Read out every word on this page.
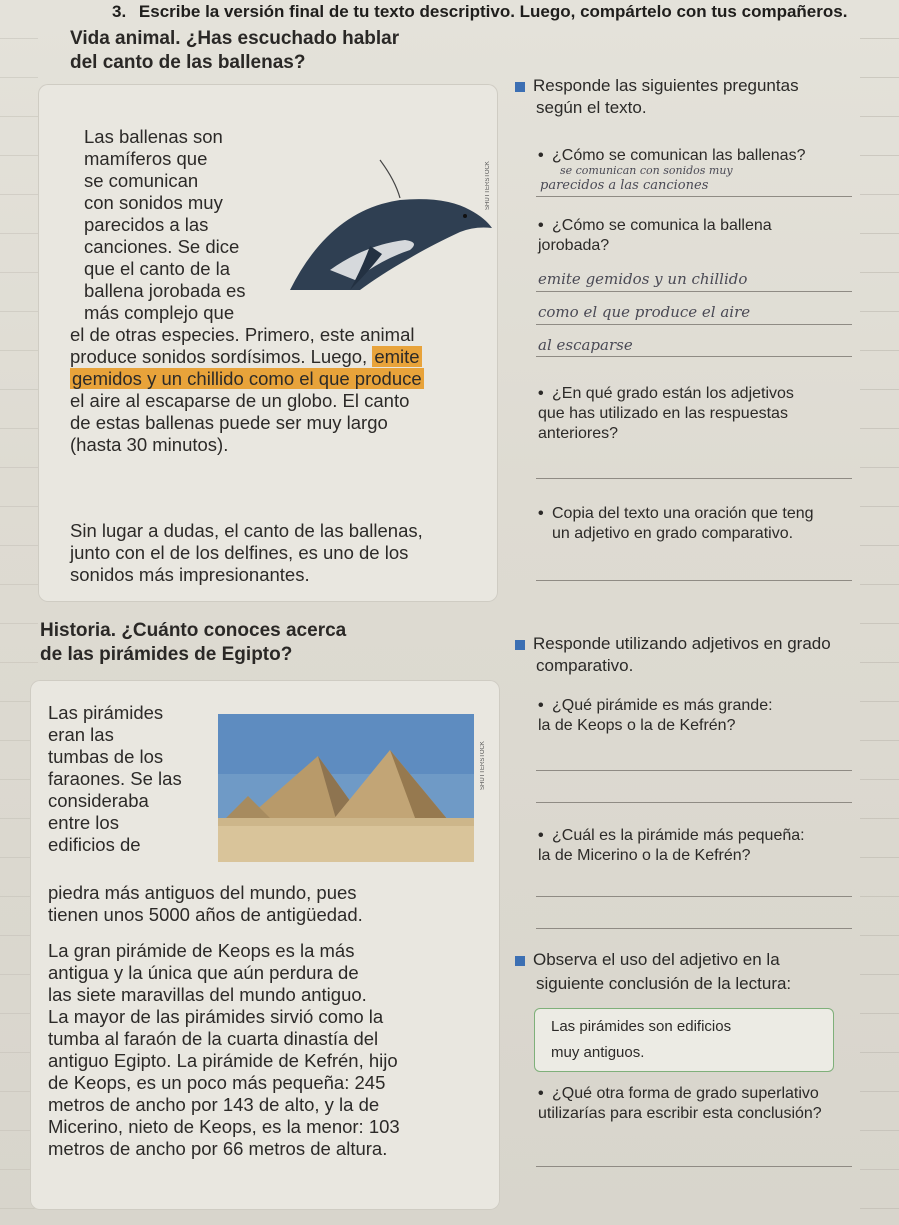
3. Escribe la versión final de tu texto descriptivo. Luego, compártelo con tus compañeros.
Vida animal. ¿Has escuchado hablar
del canto de las ballenas?
SHUTTERSTOCK
Las ballenas son
mamíferos que
se comunican
con sonidos muy
parecidos a las
canciones. Se dice
que el canto de la
ballena jorobada es
más complejo que
el de otras especies. Primero, este animal
produce sonidos sordísimos. Luego, emite
gemidos y un chillido como el que produce
el aire al escaparse de un globo. El canto
de estas ballenas puede ser muy largo
(hasta 30 minutos).
Sin lugar a dudas, el canto de las ballenas,
junto con el de los delfines, es uno de los
sonidos más impresionantes.
Responde las siguientes preguntas
según el texto.
• ¿Cómo se comunican las ballenas?
se comunican con sonidos muy
parecidos a las canciones
• ¿Cómo se comunica la ballena
jorobada?
emite gemidos y un chillido
como el que produce el aire
al escaparse
• ¿En qué grado están los adjetivos
que has utilizado en las respuestas
anteriores?
• Copia del texto una oración que teng
un adjetivo en grado comparativo.
Historia. ¿Cuánto conoces acerca
de las pirámides de Egipto?
SHUTTERSTOCK
Las pirámides
eran las
tumbas de los
faraones. Se las
consideraba
entre los
edificios de
piedra más antiguos del mundo, pues
tienen unos 5000 años de antigüedad.
La gran pirámide de Keops es la más
antigua y la única que aún perdura de
las siete maravillas del mundo antiguo.
La mayor de las pirámides sirvió como la
tumba al faraón de la cuarta dinastía del
antiguo Egipto. La pirámide de Kefrén, hijo
de Keops, es un poco más pequeña: 245
metros de ancho por 143 de alto, y la de
Micerino, nieto de Keops, es la menor: 103
metros de ancho por 66 metros de altura.
Responde utilizando adjetivos en grado
comparativo.
• ¿Qué pirámide es más grande:
la de Keops o la de Kefrén?
• ¿Cuál es la pirámide más pequeña:
la de Micerino o la de Kefrén?
Observa el uso del adjetivo en la
siguiente conclusión de la lectura:
Las pirámides son edificios
muy antiguos.
• ¿Qué otra forma de grado superlativo
utilizarías para escribir esta conclusión?
